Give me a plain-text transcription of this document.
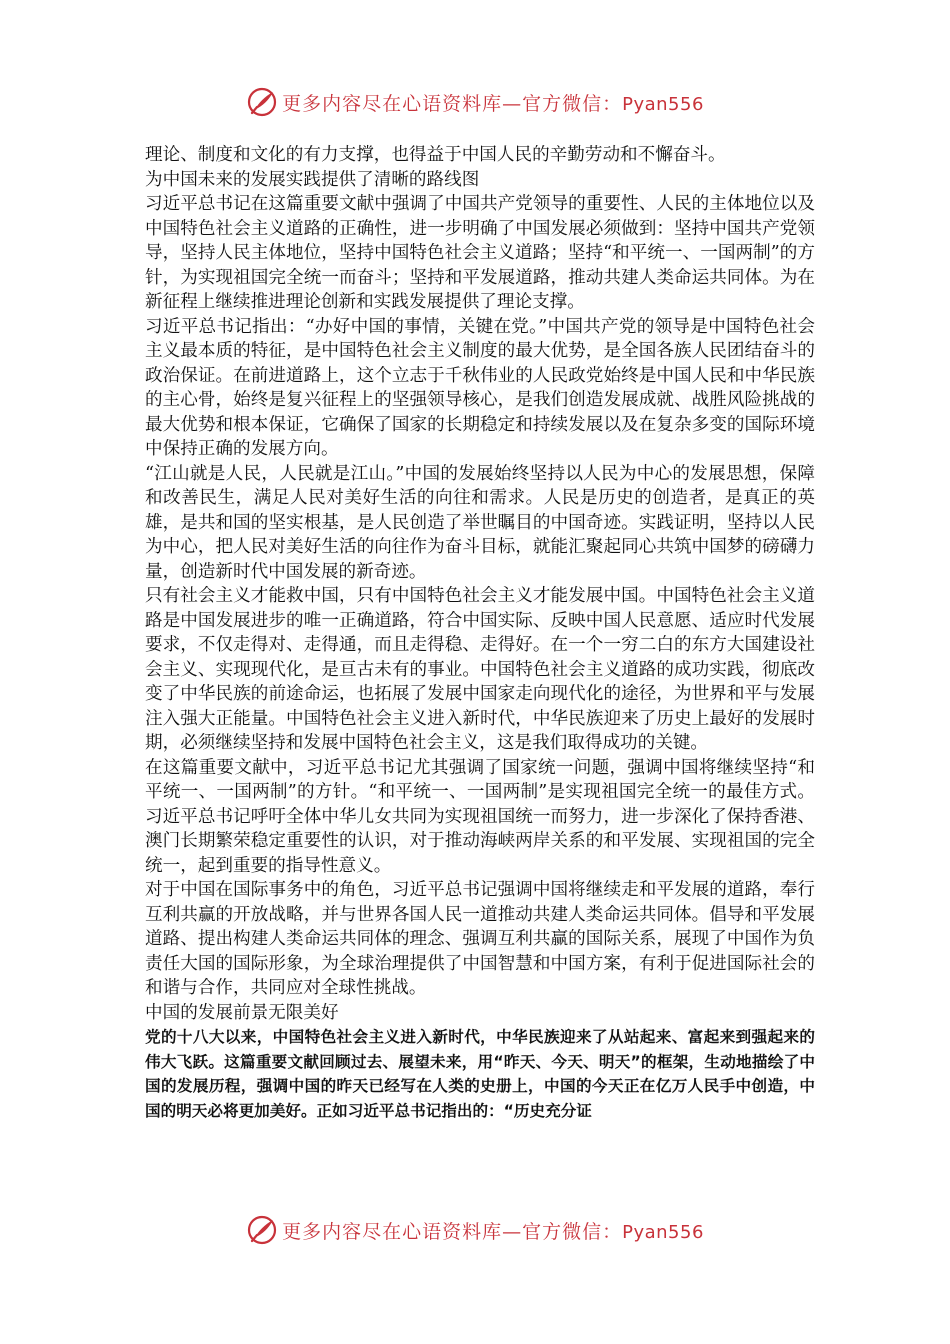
更多内容尽在心语资料库—官方微信：Pyan556

理论、制度和文化的有力支撑，也得益于中国人民的辛勤劳动和不懈奋斗。

为中国未来的发展实践提供了清晰的路线图

习近平总书记在这篇重要文献中强调了中国共产党领导的重要性、人民的主体地位以及中国特色社会主义道路的正确性，进一步明确了中国发展必须做到：坚持中国共产党领导，坚持人民主体地位，坚持中国特色社会主义道路；坚持“和平统一、一国两制”的方针，为实现祖国完全统一而奋斗；坚持和平发展道路，推动共建人类命运共同体。为在新征程上继续推进理论创新和实践发展提供了理论支撑。

习近平总书记指出：“办好中国的事情，关键在党。”中国共产党的领导是中国特色社会主义最本质的特征，是中国特色社会主义制度的最大优势，是全国各族人民团结奋斗的政治保证。在前进道路上，这个立志于千秋伟业的人民政党始终是中国人民和中华民族的主心骨，始终是复兴征程上的坚强领导核心，是我们创造发展成就、战胜风险挑战的最大优势和根本保证，它确保了国家的长期稳定和持续发展以及在复杂多变的国际环境中保持正确的发展方向。

“江山就是人民，人民就是江山。”中国的发展始终坚持以人民为中心的发展思想，保障和改善民生，满足人民对美好生活的向往和需求。人民是历史的创造者，是真正的英雄，是共和国的坚实根基，是人民创造了举世瞩目的中国奇迹。实践证明，坚持以人民为中心，把人民对美好生活的向往作为奋斗目标，就能汇聚起同心共筑中国梦的磅礴力量，创造新时代中国发展的新奇迹。

只有社会主义才能救中国，只有中国特色社会主义才能发展中国。中国特色社会主义道路是中国发展进步的唯一正确道路，符合中国实际、反映中国人民意愿、适应时代发展要求，不仅走得对、走得通，而且走得稳、走得好。在一个一穷二白的东方大国建设社会主义、实现现代化，是亘古未有的事业。中国特色社会主义道路的成功实践，彻底改变了中华民族的前途命运，也拓展了发展中国家走向现代化的途径，为世界和平与发展注入强大正能量。中国特色社会主义进入新时代，中华民族迎来了历史上最好的发展时期，必须继续坚持和发展中国特色社会主义，这是我们取得成功的关键。

在这篇重要文献中，习近平总书记尤其强调了国家统一问题，强调中国将继续坚持“和平统一、一国两制”的方针。“和平统一、一国两制”是实现祖国完全统一的最佳方式。习近平总书记呼吁全体中华儿女共同为实现祖国统一而努力，进一步深化了保持香港、澳门长期繁荣稳定重要性的认识，对于推动海峡两岸关系的和平发展、实现祖国的完全统一，起到重要的指导性意义。

对于中国在国际事务中的角色，习近平总书记强调中国将继续走和平发展的道路，奉行互利共赢的开放战略，并与世界各国人民一道推动共建人类命运共同体。倡导和平发展道路、提出构建人类命运共同体的理念、强调互利共赢的国际关系，展现了中国作为负责任大国的国际形象，为全球治理提供了中国智慧和中国方案，有利于促进国际社会的和谐与合作，共同应对全球性挑战。

中国的发展前景无限美好

党的十八大以来，中国特色社会主义进入新时代，中华民族迎来了从站起来、富起来到强起来的伟大飞跃。这篇重要文献回顾过去、展望未来，用“昨天、今天、明天”的框架，生动地描绘了中国的发展历程，强调中国的昨天已经写在人类的史册上，中国的今天正在亿万人民手中创造，中国的明天必将更加美好。正如习近平总书记指出的：“历史充分证

更多内容尽在心语资料库—官方微信：Pyan556
